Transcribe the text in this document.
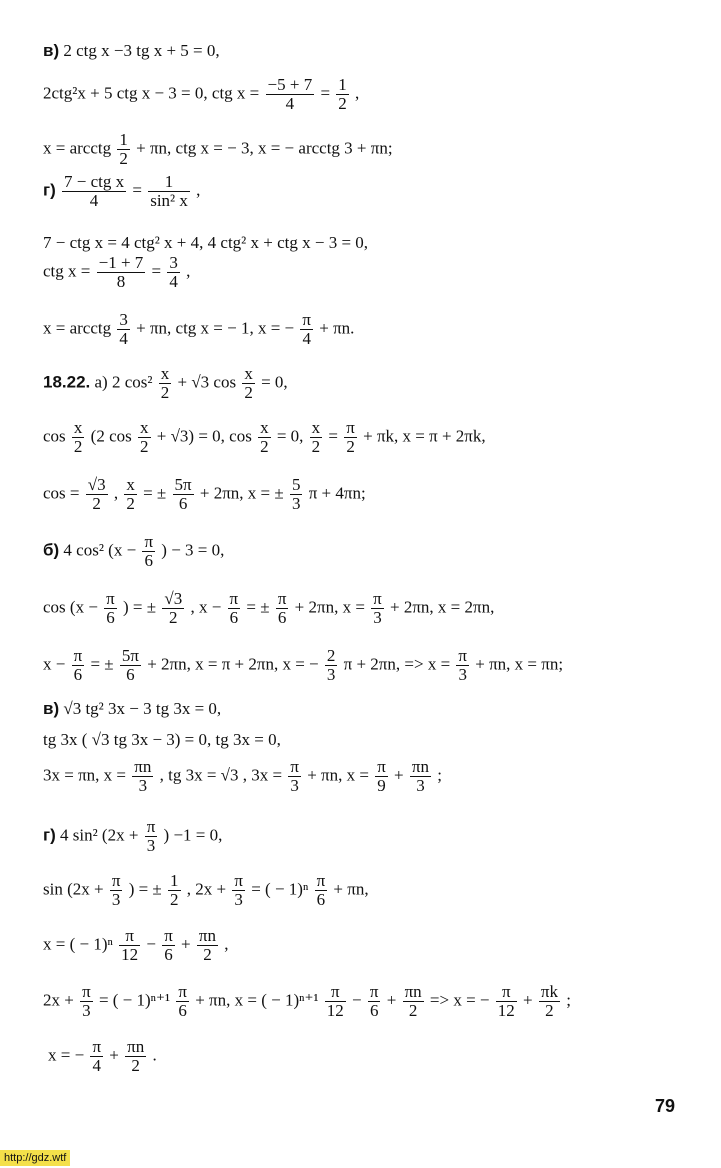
в) 2 ctg x −3 tg x + 5 = 0,
2ctg²x + 5 ctg x − 3 = 0, ctg $x = \frac{-5 + 7}{4} = \frac{1}{2}$ ,
x = arcctg $\frac{1}{2} + \pi n$, ctg x = − 3, x = − arcctg 3 + πn;
г) 7 − ctg x
4
= $\frac{1}{\text{sin² x}}$ ,
7 − ctg x = 4 ctg² x + 4, 4 ctg² x + ctg x − 3 = 0,
ctg $x = \frac{-1 + 7}{8} = \frac{3}{4}$ ,
x = arcctg $\frac{3}{4} + \pi n$, ctg x = − 1, x = − $\frac{\pi}{4} + \pi n$.
18.22. а) 2 $\cos^2 \frac{x}{2} + √3$ $\cos \frac{x}{2} = 0$,
$\cos \frac{x}{2} (2$ $\cos \frac{x}{2} + √3) = 0$, $\cos \frac{x}{2} = 0$, $\frac{x}{2} = \frac{\pi}{2} + \pi k$, x = π + 2πk,
$\cos = \frac{√3}{2}$ , $\frac{x}{2}$ = ± $\frac{5\pi}{6} + 2\pi n$, x = ± $\frac{5}{3}$ π + 4πn;
б) 4 cos² ($x - \frac{\pi}{6}$ ) − 3 = 0,
$\cos (x - \frac{\pi}{6}$ ) = ± $\frac{√3}{2}$ , $x - \frac{\pi}{6}$ = ± $\frac{\pi}{6} + 2\pi n$, $x = \frac{\pi}{3} + 2\pi n$, x = 2πn,
$x - \frac{\pi}{6}$ = ± $\frac{5\pi}{6} + 2\pi n$, x = π + 2πn, x = − $\frac{2}{3}$ π + 2πn, => $x = \frac{\pi}{3} + \pi n$, x = πn;
в) √3 tg² 3x − 3 tg 3x = 0,
tg 3x ( √3 tg 3x − 3) = 0, tg 3x = 0,
3x = πn, $x = \frac{\pi n}{3}$ , tg 3x = √3 , $3x = \frac{\pi}{3} + \pi n$, $x = \frac{\pi}{9} + \frac{\pi n}{3}$ ;
г) 4 sin² ($2x + \frac{\pi}{3}$ ) −1 = 0,
$\sin (2x + \frac{\pi}{3}$ ) = ± $\frac{1}{2}$ , $2x + \frac{\pi}{3}$ = ( − $1)^n \frac{\pi}{6} + \pi n$,
x = ( − $1)^n \frac{\pi}{12} - \frac{\pi}{6} + \frac{\pi n}{2}$ ,
$2x + \frac{\pi}{3}$ = ( − $1)^{n+1} \frac{\pi}{6} + \pi n$, x = ( − $1)^{n+1} \frac{\pi}{12} - \frac{\pi}{6} + \frac{\pi n}{2} => x$ = − $\frac{\pi}{12} + \frac{\pi k}{2}$ ;
x = − $\frac{\pi}{4} + \frac{\pi n}{2}$ .
79
http://gdz.wtf
